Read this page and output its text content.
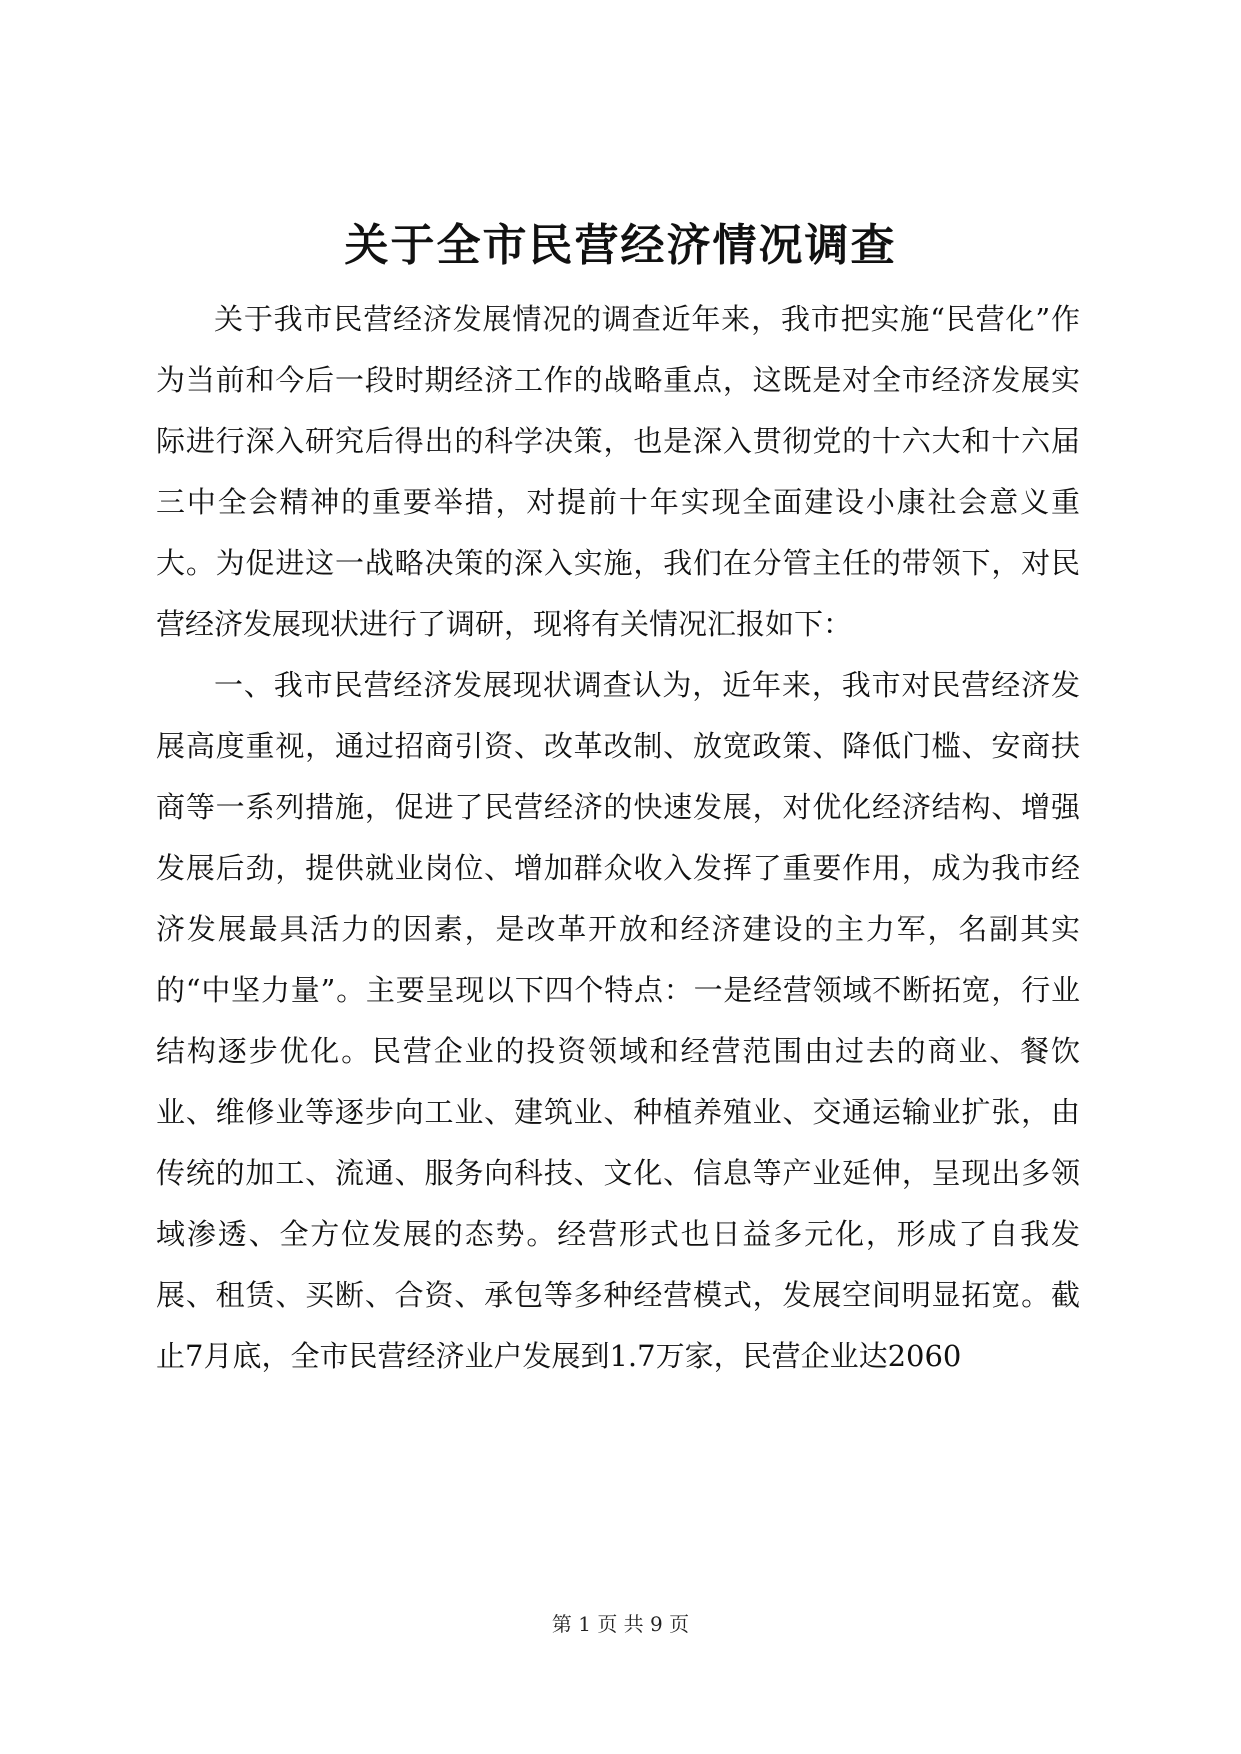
关于全市民营经济情况调查

关于我市民营经济发展情况的调查近年来，我市把实施“民营化”作为当前和今后一段时期经济工作的战略重点，这既是对全市经济发展实际进行深入研究后得出的科学决策，也是深入贯彻党的十六大和十六届三中全会精神的重要举措，对提前十年实现全面建设小康社会意义重大。为促进这一战略决策的深入实施，我们在分管主任的带领下，对民营经济发展现状进行了调研，现将有关情况汇报如下：

一、我市民营经济发展现状调查认为，近年来，我市对民营经济发展高度重视，通过招商引资、改革改制、放宽政策、降低门槛、安商扶商等一系列措施，促进了民营经济的快速发展，对优化经济结构、增强发展后劲，提供就业岗位、增加群众收入发挥了重要作用，成为我市经济发展最具活力的因素，是改革开放和经济建设的主力军，名副其实的“中坚力量”。主要呈现以下四个特点：一是经营领域不断拓宽，行业结构逐步优化。民营企业的投资领域和经营范围由过去的商业、餐饮业、维修业等逐步向工业、建筑业、种植养殖业、交通运输业扩张，由传统的加工、流通、服务向科技、文化、信息等产业延伸，呈现出多领域渗透、全方位发展的态势。经营形式也日益多元化，形成了自我发展、租赁、买断、合资、承包等多种经营模式，发展空间明显拓宽。截止7月底，全市民营经济业户发展到1.7万家，民营企业达2060

第 1 页 共 9 页
